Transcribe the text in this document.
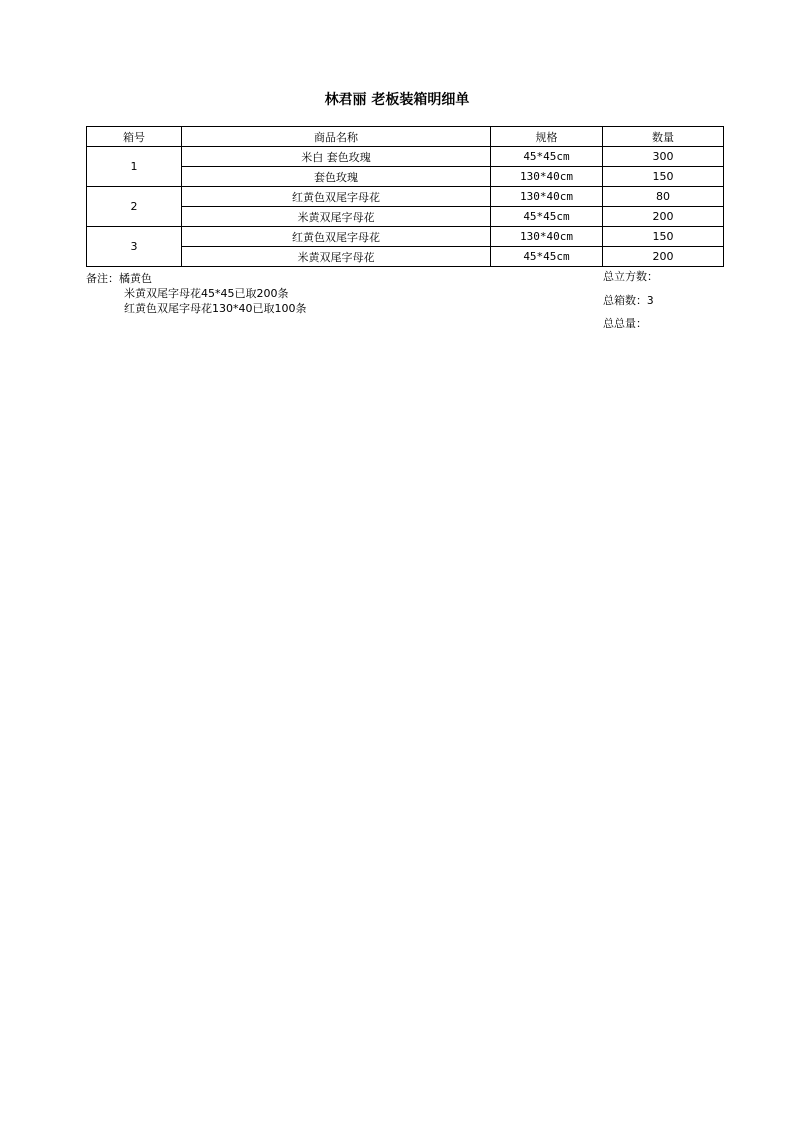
林君丽 老板装箱明细单
箱号	商品名称	规格	数量
1	米白 套色玫瑰	45*45cm	300
	套色玫瑰	130*40cm	150
2	红黄色双尾字母花	130*40cm	80
	米黄双尾字母花	45*45cm	200
3	红黄色双尾字母花	130*40cm	150
	米黄双尾字母花	45*45cm	200
备注：橘黄色
米黄双尾字母花45*45已取200条
红黄色双尾字母花130*40已取100条
总立方数：
总箱数：3
总总量：
